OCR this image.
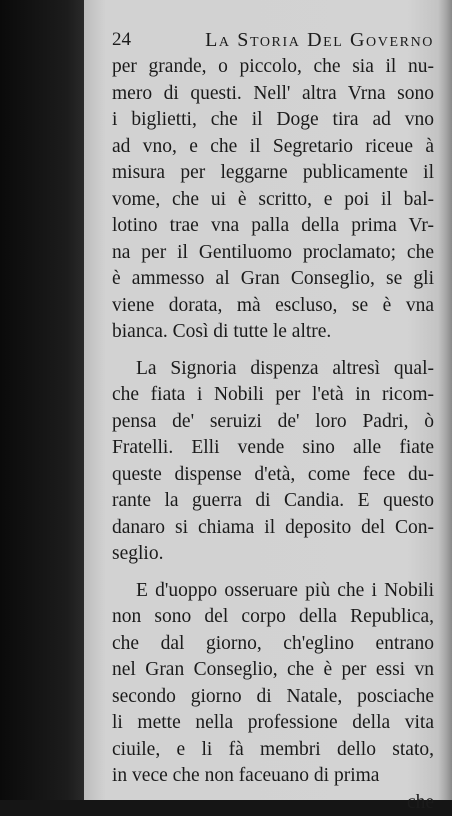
24	La Storia Del Governo
per grande, o piccolo, che sia il nu-
mero di questi. Nell' altra Vrna sono
i biglietti, che il Doge tira ad vno
ad vno, e che il Segretario riceue à
misura per leggarne publicamente il
vome, che ui è scritto, e poi il bal-
lotino trae vna palla della prima Vr-
na per il Gentiluomo proclamato; che
è ammesso al Gran Conseglio, se gli
viene dorata, mà escluso, se è vna
bianca. Così di tutte le altre.
La Signoria dispenza altresì qual-
che fiata i Nobili per l'età in ricom-
pensa de' seruizi de' loro Padri, ò
Fratelli. Elli vende sino alle fiate
queste dispense d'età, come fece du-
rante la guerra di Candia. E questo
danaro si chiama il deposito del Con-
seglio.
E d'uoppo osseruare più che i Nobili
non sono del corpo della Republica,
che dal giorno, ch'eglino entrano
nel Gran Conseglio, che è per essi vn
secondo giorno di Natale, posciache
li mette nella professione della vita
ciuile, e li fà membri dello stato,
in vece che non faceuano di prima
che
